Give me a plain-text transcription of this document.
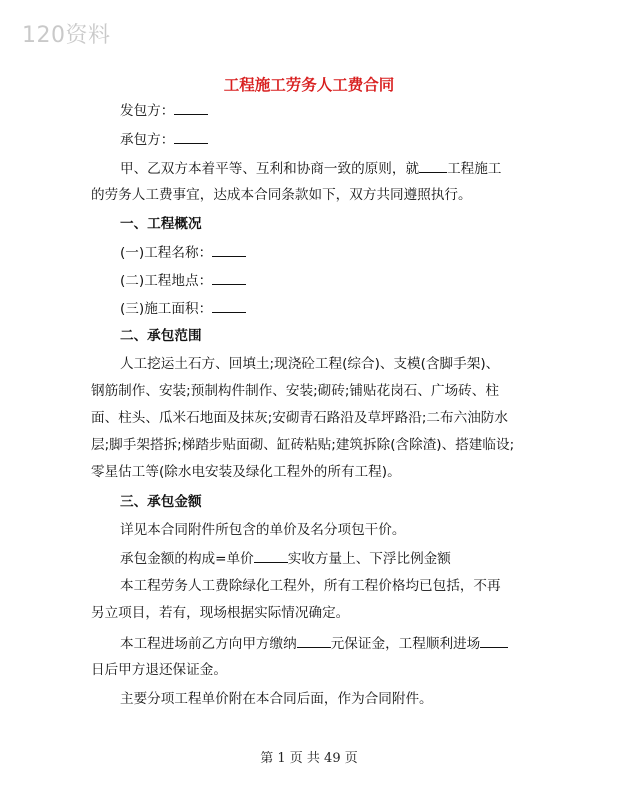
120资料
工程施工劳务人工费合同
发包方：
承包方：
甲、乙双方本着平等、互利和协商一致的原则，就 工程施工
的劳务人工费事宜，达成本合同条款如下，双方共同遵照执行。
一、工程概况
(一)工程名称：
(二)工程地点：
(三)施工面积：
二、承包范围
人工挖运土石方、回填土;现浇砼工程(综合)、支模(含脚手架)、
钢筋制作、安装;预制构件制作、安装;砌砖;铺贴花岗石、广场砖、柱
面、柱头、瓜米石地面及抹灰;安砌青石路沿及草坪路沿;二布六油防水
层;脚手架搭拆;梯踏步贴面砌、缸砖粘贴;建筑拆除(含除渣)、搭建临设;
零星估工等(除水电安装及绿化工程外的所有工程)。
三、承包金额
详见本合同附件所包含的单价及名分项包干价。
承包金额的构成=单价	实收方量上、下浮比例金额
本工程劳务人工费除绿化工程外，所有工程价格均已包括，不再
另立项目，若有，现场根据实际情况确定。
本工程进场前乙方向甲方缴纳	元保证金，工程顺利进场
日后甲方退还保证金。
主要分项工程单价附在本合同后面，作为合同附件。
第 1 页 共 49 页
